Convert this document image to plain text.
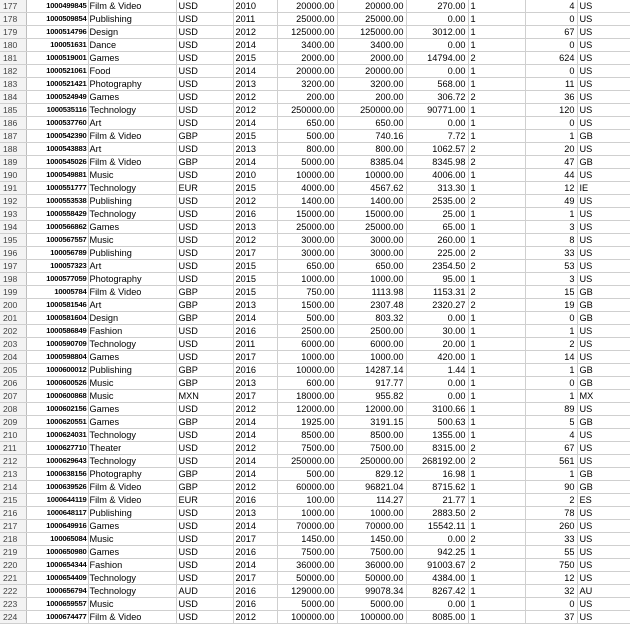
177	1000499845	Film & Video	USD	2010	20000.00	20000.00	270.00	1	4	US
178	1000509854	Publishing	USD	2011	25000.00	25000.00	0.00	1	0	US
179	1000514796	Design	USD	2012	125000.00	125000.00	3012.00	1	67	US
180	100051631	Dance	USD	2014	3400.00	3400.00	0.00	1	0	US
181	1000519001	Games	USD	2015	2000.00	2000.00	14794.00	2	624	US
182	1000521061	Food	USD	2014	20000.00	20000.00	0.00	1	0	US
183	1000521421	Photography	USD	2013	3200.00	3200.00	568.00	1	11	US
184	1000524949	Games	USD	2012	200.00	200.00	306.72	2	36	US
185	1000535116	Technology	USD	2012	250000.00	250000.00	90771.00	1	120	US
186	1000537760	Art	USD	2014	650.00	650.00	0.00	1	0	US
187	1000542390	Film & Video	GBP	2015	500.00	740.16	7.72	1	1	GB
188	1000543883	Art	USD	2013	800.00	800.00	1062.57	2	20	US
189	1000545026	Film & Video	GBP	2014	5000.00	8385.04	8345.98	2	47	GB
190	1000549881	Music	USD	2010	10000.00	10000.00	4006.00	1	44	US
191	1000551777	Technology	EUR	2015	4000.00	4567.62	313.30	1	12	IE
192	1000553538	Publishing	USD	2012	1400.00	1400.00	2535.00	2	49	US
193	1000558429	Technology	USD	2016	15000.00	15000.00	25.00	1	1	US
194	1000566862	Games	USD	2013	25000.00	25000.00	65.00	1	3	US
195	1000567557	Music	USD	2012	3000.00	3000.00	260.00	1	8	US
196	100056789	Publishing	USD	2017	3000.00	3000.00	225.00	2	33	US
197	100057323	Art	USD	2015	650.00	650.00	2354.50	2	53	US
198	1000577059	Photography	USD	2015	1000.00	1000.00	95.00	1	3	US
199	10005784	Film & Video	GBP	2015	750.00	1113.98	1153.31	2	15	GB
200	1000581546	Art	GBP	2013	1500.00	2307.48	2320.27	2	19	GB
201	1000581604	Design	GBP	2014	500.00	803.32	0.00	1	0	GB
202	1000586849	Fashion	USD	2016	2500.00	2500.00	30.00	1	1	US
203	1000590709	Technology	USD	2011	6000.00	6000.00	20.00	1	2	US
204	1000598804	Games	USD	2017	1000.00	1000.00	420.00	1	14	US
205	1000600012	Publishing	GBP	2016	10000.00	14287.14	1.44	1	1	GB
206	1000600526	Music	GBP	2013	600.00	917.77	0.00	1	0	GB
207	1000600868	Music	MXN	2017	18000.00	955.82	0.00	1	1	MX
208	1000602156	Games	USD	2012	12000.00	12000.00	3100.66	1	89	US
209	1000620551	Games	GBP	2014	1925.00	3191.15	500.63	1	5	GB
210	1000624031	Technology	USD	2014	8500.00	8500.00	1355.00	1	4	US
211	1000627710	Theater	USD	2012	7500.00	7500.00	8315.00	2	67	US
212	1000629643	Technology	USD	2014	250000.00	250000.00	268192.00	2	561	US
213	1000638156	Photography	GBP	2014	500.00	829.12	16.98	1	1	GB
214	1000639526	Film & Video	GBP	2012	60000.00	96821.04	8715.62	1	90	GB
215	1000644119	Film & Video	EUR	2016	100.00	114.27	21.77	1	2	ES
216	1000648117	Publishing	USD	2013	1000.00	1000.00	2883.50	2	78	US
217	1000649916	Games	USD	2014	70000.00	70000.00	15542.11	1	260	US
218	100065084	Music	USD	2017	1450.00	1450.00	0.00	2	33	US
219	1000650980	Games	USD	2016	7500.00	7500.00	942.25	1	55	US
220	1000654344	Fashion	USD	2014	36000.00	36000.00	91003.67	2	750	US
221	1000654409	Technology	USD	2017	50000.00	50000.00	4384.00	1	12	US
222	1000656794	Technology	AUD	2016	129000.00	99078.34	8267.42	1	32	AU
223	1000659557	Music	USD	2016	5000.00	5000.00	0.00	1	0	US
224	1000674477	Film & Video	USD	2012	100000.00	100000.00	8085.00	1	37	US
